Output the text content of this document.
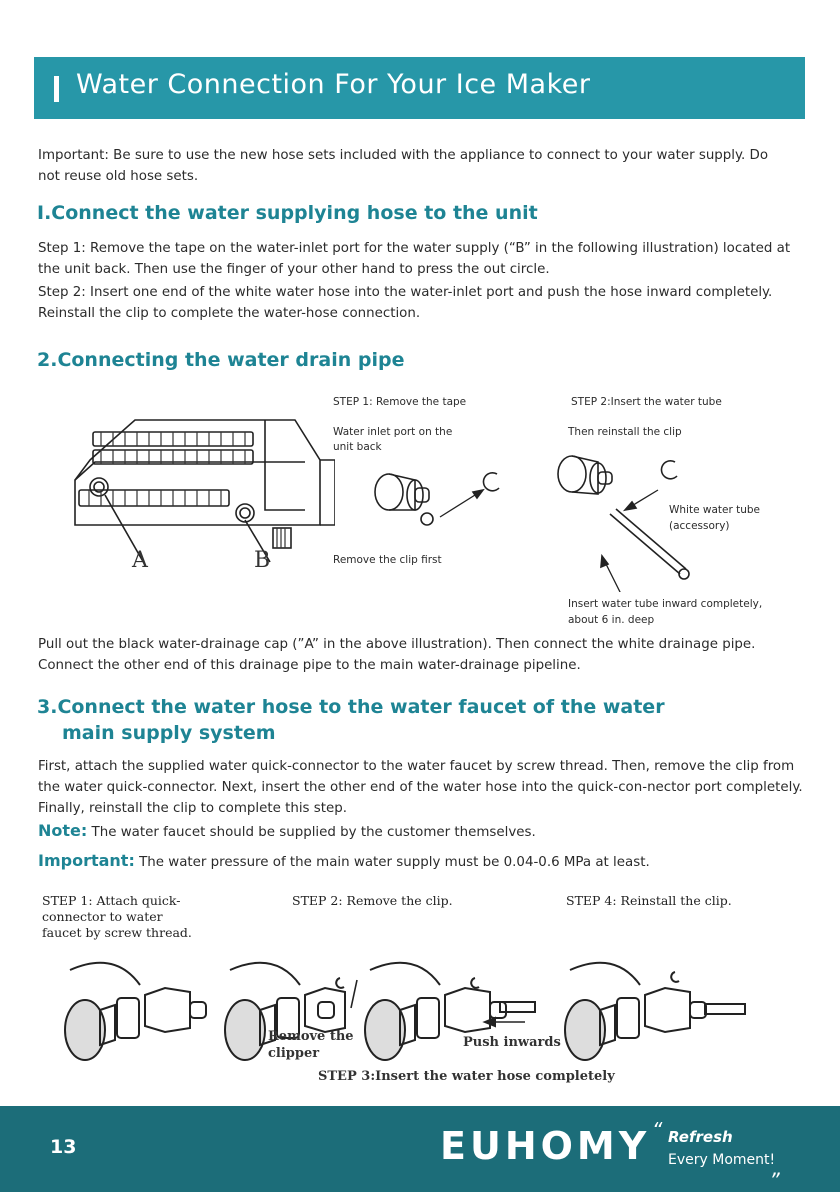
Water Connection For Your Ice Maker
Important: Be sure to use the new hose sets included with the appliance to connect to your water supply. Do not reuse old hose sets.
I.Connect the water supplying hose to the unit
Step 1: Remove the tape on the water-inlet port for the water supply (“B” in the following illustration) located at the unit back. Then use the finger of your other hand to press the out circle.
Step 2: Insert one end of the white water hose into the water-inlet port and push the hose inward completely. Reinstall the clip to complete the water-hose connection.
2.Connecting the water drain pipe
A	B
STEP 1: Remove the tape
Water inlet port on the
unit back
Remove the clip first
STEP 2:Insert the water tube
Then reinstall the clip
White water tube
(accessory)
Insert water tube inward completely,
about 6 in. deep
Pull out the black water-drainage cap (”A” in the above illustration). Then connect the white drainage pipe. Connect the other end of this drainage pipe to the main water-drainage pipeline.
3.Connect the water hose to the water faucet of the water
main supply system
First, attach the supplied water quick-connector to the water faucet by screw thread. Then, remove the clip from the water quick-connector. Next, insert the other end of the water hose into the quick-con-nector port completely. Finally, reinstall the clip to complete this step.
Note: The water faucet should be supplied by the customer themselves.
Important: The water pressure of the main water supply must be 0.04-0.6 MPa at least.
STEP 1: Attach quick-
connector to water
faucet by screw thread.
STEP 2: Remove the clip.	STEP 4: Reinstall the clip.
Remove the
clipper
Push inwards
STEP 3:Insert the water hose completely
13	EUHOMY “ Refresh
Every Moment!
„
